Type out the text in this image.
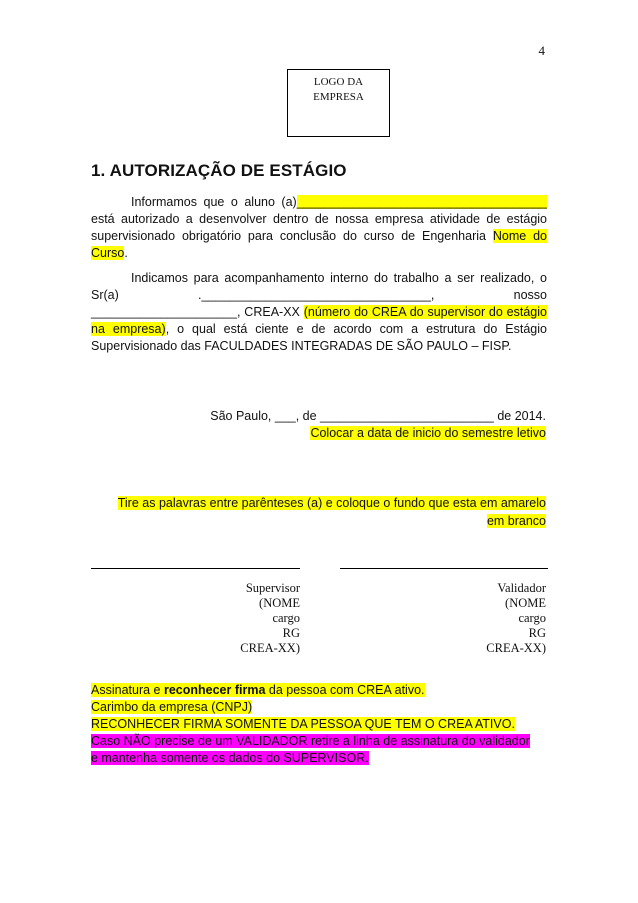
4
LOGO DA
EMPRESA
1. AUTORIZAÇÃO DE ESTÁGIO
Informamos que o aluno (a)____________________________________ está autorizado a desenvolver dentro de nossa empresa atividade de estágio supervisionado obrigatório para conclusão do curso de Engenharia Nome do Curso.
Indicamos para acompanhamento interno do trabalho a ser realizado, o Sr(a) ._________________________________, nosso _____________________, CREA-XX (número do CREA do supervisor do estágio na empresa), o qual está ciente e de acordo com a estrutura do Estágio Supervisionado das FACULDADES INTEGRADAS DE SÃO PAULO – FISP.
São Paulo, ___, de _________________________ de 2014.
Colocar a data de inicio do semestre letivo
Tire as palavras entre parênteses (a) e coloque o fundo que esta em amarelo
em branco
Supervisor
(NOME
cargo
RG
CREA-XX)
Validador
(NOME
cargo
RG
CREA-XX)
Assinatura e reconhecer firma da pessoa com CREA ativo.
Carimbo da empresa (CNPJ)
RECONHECER FIRMA SOMENTE DA PESSOA QUE TEM O CREA ATIVO.
Caso NÃO precise de um VALIDADOR retire a linha de assinatura do validador
e mantenha somente os dados do SUPERVISOR.
